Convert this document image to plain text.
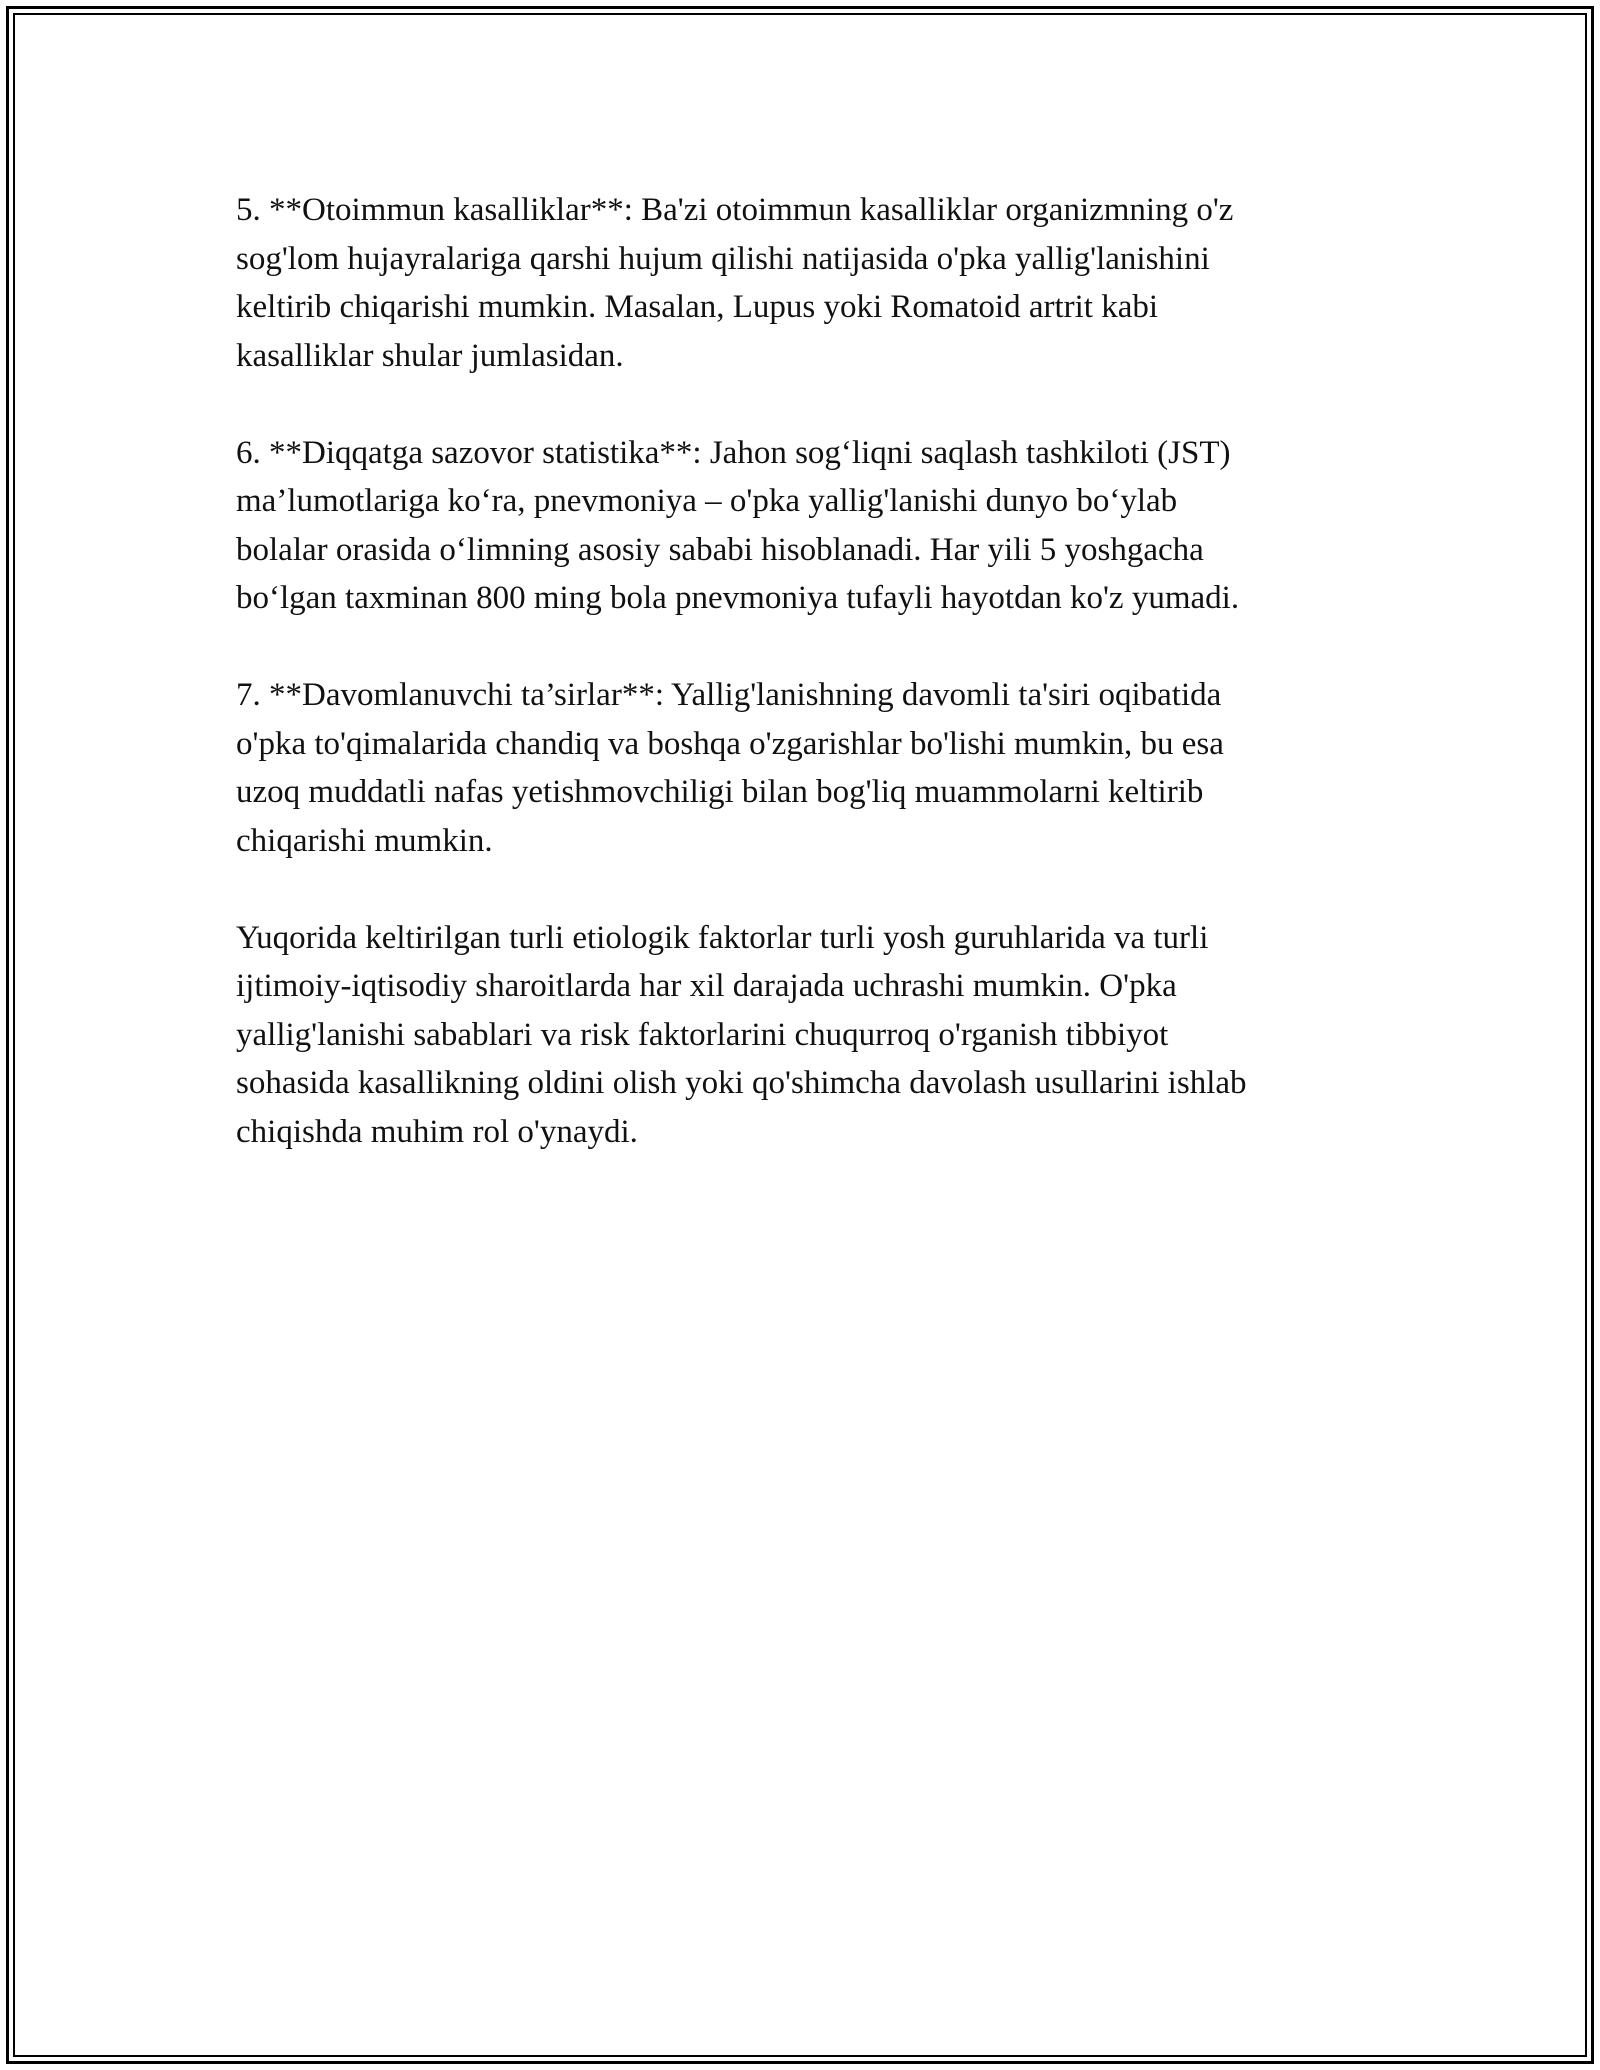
5. **Otoimmun kasalliklar**: Ba'zi otoimmun kasalliklar organizmning o'z
sog'lom hujayralariga qarshi hujum qilishi natijasida o'pka yallig'lanishini
keltirib chiqarishi mumkin. Masalan, Lupus yoki Romatoid artrit kabi
kasalliklar shular jumlasidan.

6. **Diqqatga sazovor statistika**: Jahon sog‘liqni saqlash tashkiloti (JST)
ma’lumotlariga ko‘ra, pnevmoniya – o'pka yallig'lanishi dunyo bo‘ylab
bolalar orasida o‘limning asosiy sababi hisoblanadi. Har yili 5 yoshgacha
bo‘lgan taxminan 800 ming bola pnevmoniya tufayli hayotdan ko'z yumadi.

7. **Davomlanuvchi ta’sirlar**: Yallig'lanishning davomli ta'siri oqibatida
o'pka to'qimalarida chandiq va boshqa o'zgarishlar bo'lishi mumkin, bu esa
uzoq muddatli nafas yetishmovchiligi bilan bog'liq muammolarni keltirib
chiqarishi mumkin.

Yuqorida keltirilgan turli etiologik faktorlar turli yosh guruhlarida va turli
ijtimoiy-iqtisodiy sharoitlarda har xil darajada uchrashi mumkin. O'pka
yallig'lanishi sabablari va risk faktorlarini chuqurroq o'rganish tibbiyot
sohasida kasallikning oldini olish yoki qo'shimcha davolash usullarini ishlab
chiqishda muhim rol o'ynaydi.
